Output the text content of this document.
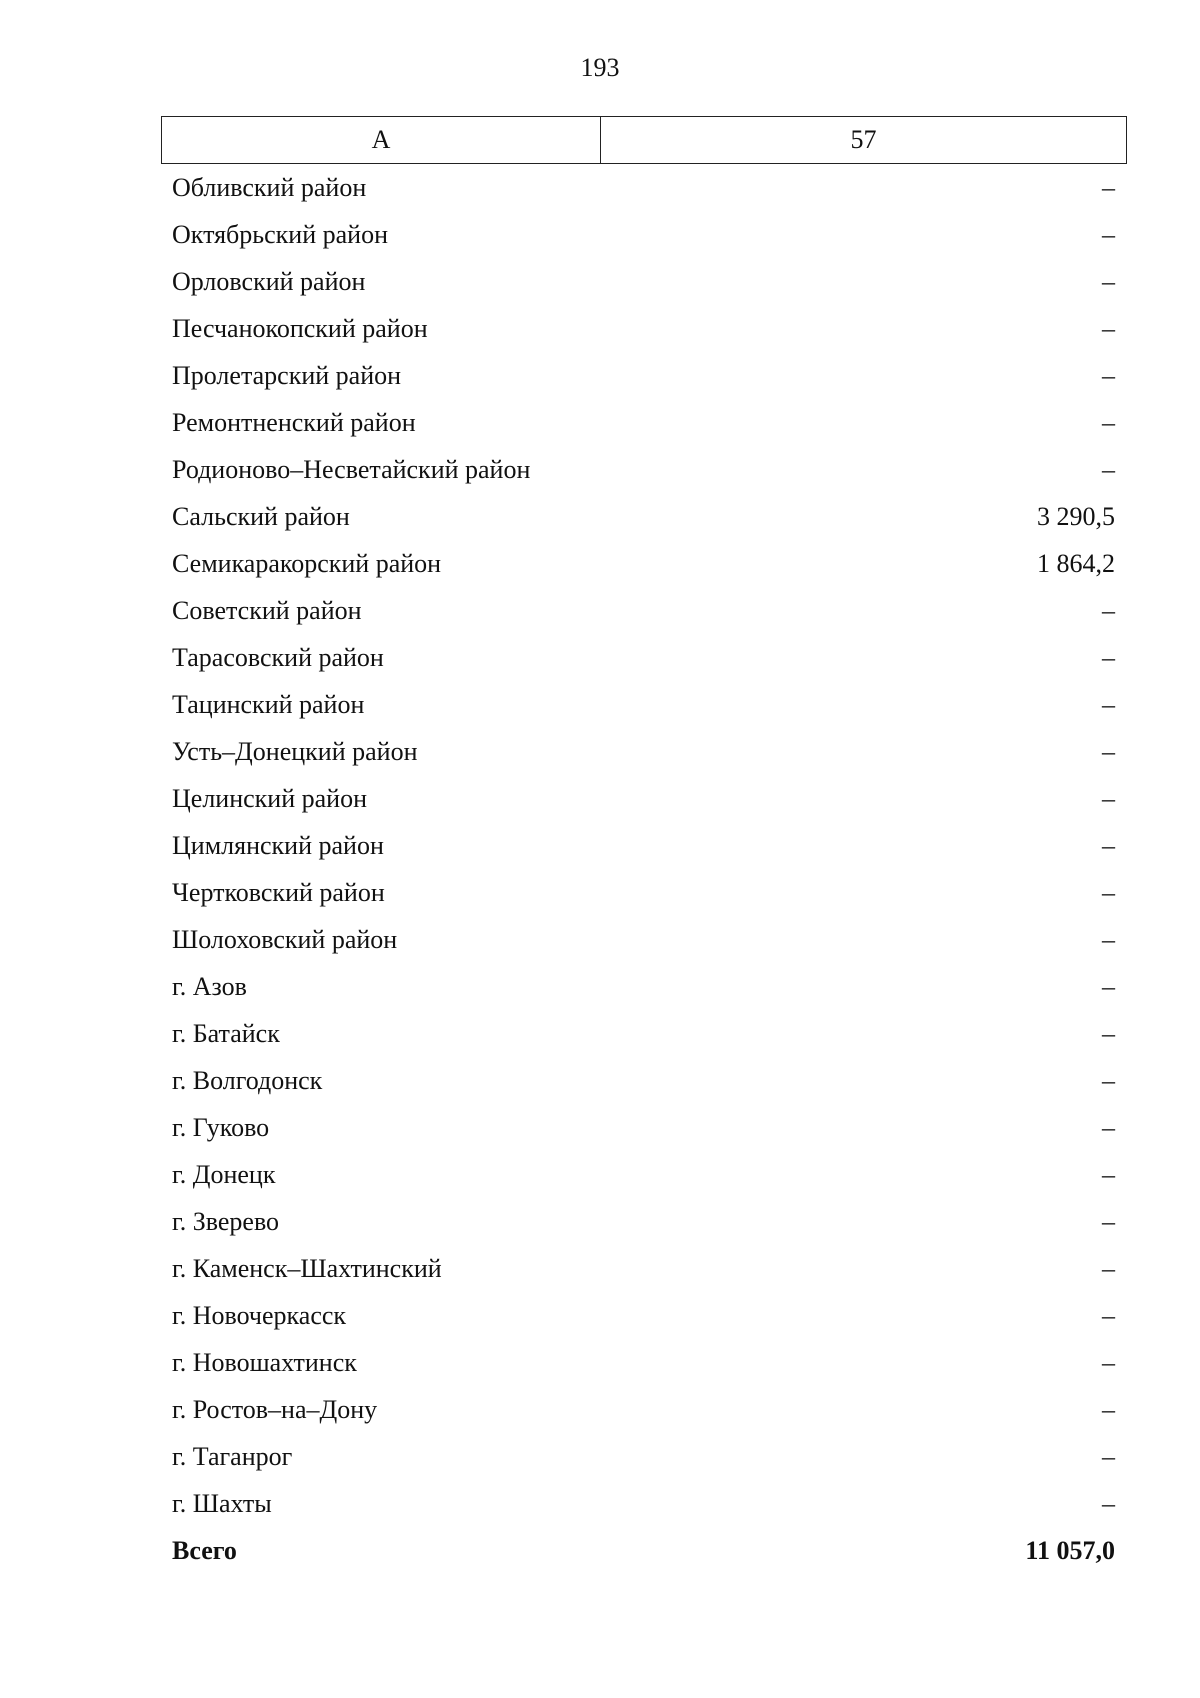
193
А	57
Обливский район	–
Октябрьский район	–
Орловский район	–
Песчанокопский район	–
Пролетарский район	–
Ремонтненский район	–
Родионово–Несветайский район	–
Сальский район	3 290,5
Семикаракорский район	1 864,2
Советский район	–
Тарасовский район	–
Тацинский район	–
Усть–Донецкий район	–
Целинский район	–
Цимлянский район	–
Чертковский район	–
Шолоховский район	–
г. Азов	–
г. Батайск	–
г. Волгодонск	–
г. Гуково	–
г. Донецк	–
г. Зверево	–
г. Каменск–Шахтинский	–
г. Новочеркасск	–
г. Новошахтинск	–
г. Ростов–на–Дону	–
г. Таганрог	–
г. Шахты	–
Всего	11 057,0
